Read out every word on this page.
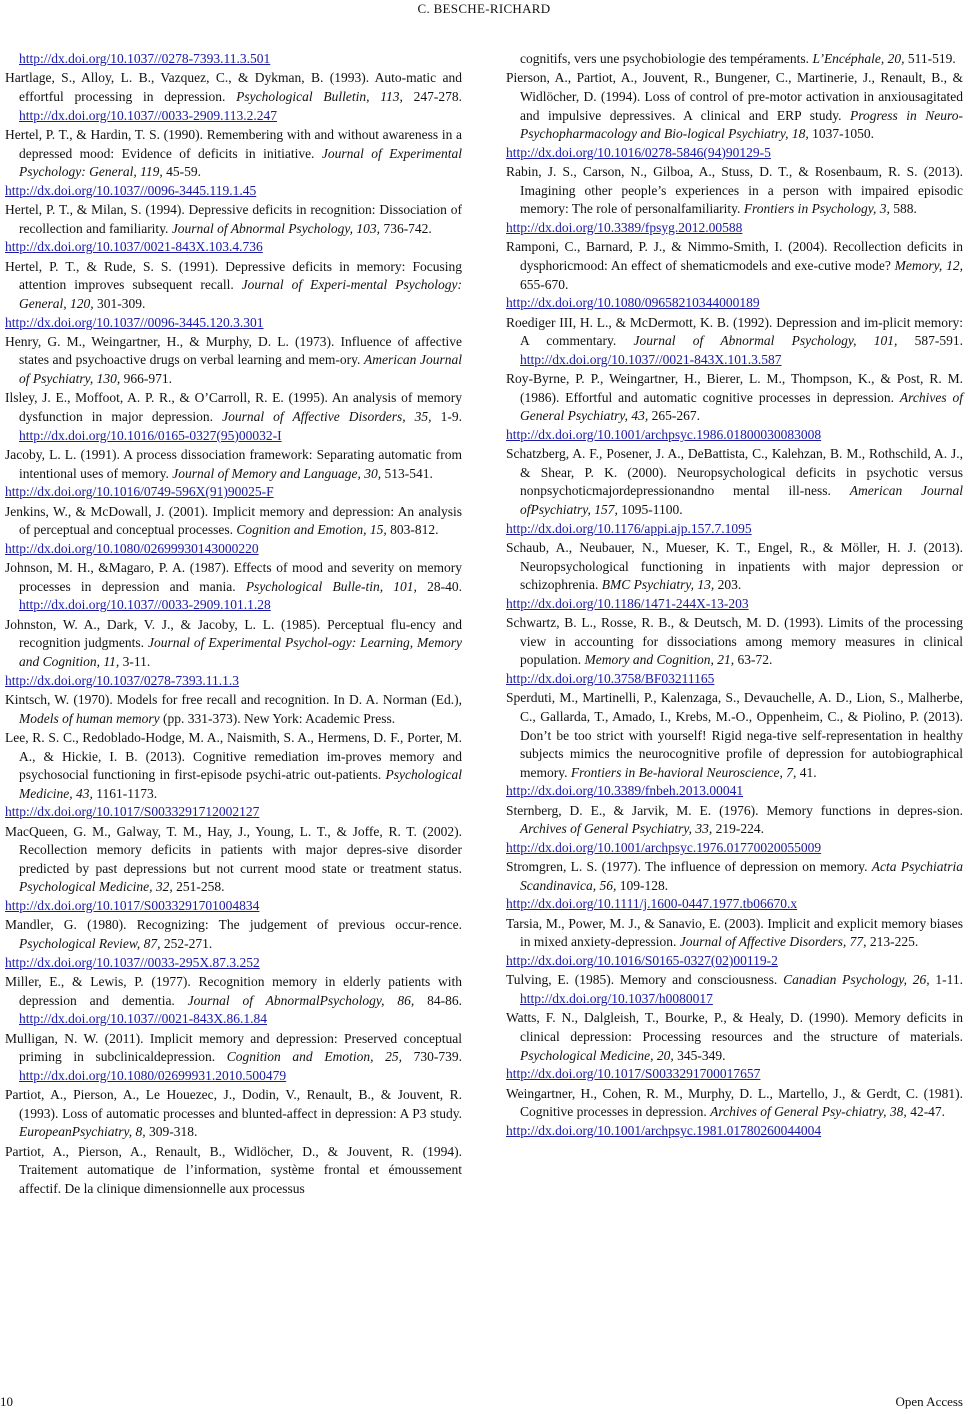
C. BESCHE-RICHARD

http://dx.doi.org/10.1037//0278-7393.11.3.501

Hartlage, S., Alloy, L. B., Vazquez, C., & Dykman, B. (1993). Auto-matic and effortful processing in depression. Psychological Bulletin, 113, 247-278. http://dx.doi.org/10.1037//0033-2909.113.2.247

Hertel, P. T., & Hardin, T. S. (1990). Remembering with and without awareness in a depressed mood: Evidence of deficits in initiative. Journal of Experimental Psychology: General, 119, 45-59.
http://dx.doi.org/10.1037//0096-3445.119.1.45

Hertel, P. T., & Milan, S. (1994). Depressive deficits in recognition: Dissociation of recollection and familiarity. Journal of Abnormal Psychology, 103, 736-742.
http://dx.doi.org/10.1037/0021-843X.103.4.736

Hertel, P. T., & Rude, S. S. (1991). Depressive deficits in memory: Focusing attention improves subsequent recall. Journal of Experi-mental Psychology: General, 120, 301-309.
http://dx.doi.org/10.1037//0096-3445.120.3.301

Henry, G. M., Weingartner, H., & Murphy, D. L. (1973). Influence of affective states and psychoactive drugs on verbal learning and mem-ory. American Journal of Psychiatry, 130, 966-971.

Ilsley, J. E., Moffoot, A. P. R., & O’Carroll, R. E. (1995). An analysis of memory dysfunction in major depression. Journal of Affective Disorders, 35, 1-9. http://dx.doi.org/10.1016/0165-0327(95)00032-I

Jacoby, L. L. (1991). A process dissociation framework: Separating automatic from intentional uses of memory. Journal of Memory and Language, 30, 513-541.
http://dx.doi.org/10.1016/0749-596X(91)90025-F

Jenkins, W., & McDowall, J. (2001). Implicit memory and depression: An analysis of perceptual and conceptual processes. Cognition and Emotion, 15, 803-812.
http://dx.doi.org/10.1080/02699930143000220

Johnson, M. H., &Magaro, P. A. (1987). Effects of mood and severity on memory processes in depression and mania. Psychological Bulle-tin, 101, 28-40. http://dx.doi.org/10.1037//0033-2909.101.1.28

Johnston, W. A., Dark, V. J., & Jacoby, L. L. (1985). Perceptual flu-ency and recognition judgments. Journal of Experimental Psychol-ogy: Learning, Memory and Cognition, 11, 3-11.
http://dx.doi.org/10.1037/0278-7393.11.1.3

Kintsch, W. (1970). Models for free recall and recognition. In D. A. Norman (Ed.), Models of human memory (pp. 331-373). New York: Academic Press.

Lee, R. S. C., Redoblado-Hodge, M. A., Naismith, S. A., Hermens, D. F., Porter, M. A., & Hickie, I. B. (2013). Cognitive remediation im-proves memory and psychosocial functioning in first-episode psychi-atric out-patients. Psychological Medicine, 43, 1161-1173.
http://dx.doi.org/10.1017/S0033291712002127

MacQueen, G. M., Galway, T. M., Hay, J., Young, L. T., & Joffe, R. T. (2002). Recollection memory deficits in patients with major depres-sive disorder predicted by past depressions but not current mood state or treatment status. Psychological Medicine, 32, 251-258.
http://dx.doi.org/10.1017/S0033291701004834

Mandler, G. (1980). Recognizing: The judgement of previous occur-rence. Psychological Review, 87, 252-271.
http://dx.doi.org/10.1037//0033-295X.87.3.252

Miller, E., & Lewis, P. (1977). Recognition memory in elderly patients with depression and dementia. Journal of AbnormalPsychology, 86, 84-86. http://dx.doi.org/10.1037//0021-843X.86.1.84

Mulligan, N. W. (2011). Implicit memory and depression: Preserved conceptual priming in subclinicaldepression. Cognition and Emotion, 25, 730-739. http://dx.doi.org/10.1080/02699931.2010.500479

Partiot, A., Pierson, A., Le Houezec, J., Dodin, V., Renault, B., & Jouvent, R. (1993). Loss of automatic processes and blunted-affect in depression: A P3 study. EuropeanPsychiatry, 8, 309-318.

Partiot, A., Pierson, A., Renault, B., Widlöcher, D., & Jouvent, R. (1994). Traitement automatique de l’information, système frontal et émoussement affectif. De la clinique dimensionnelle aux processus

cognitifs, vers une psychobiologie des tempéraments. L’Encéphale, 20, 511-519.

Pierson, A., Partiot, A., Jouvent, R., Bungener, C., Martinerie, J., Renault, B., & Widlöcher, D. (1994). Loss of control of pre-motor activation in anxiousagitated and impulsive depressives. A clinical and ERP study. Progress in Neuro-Psychopharmacology and Bio-logical Psychiatry, 18, 1037-1050.
http://dx.doi.org/10.1016/0278-5846(94)90129-5

Rabin, J. S., Carson, N., Gilboa, A., Stuss, D. T., & Rosenbaum, R. S. (2013). Imagining other people’s experiences in a person with impaired episodic memory: The role of personalfamiliarity. Frontiers in Psychology, 3, 588.
http://dx.doi.org/10.3389/fpsyg.2012.00588

Ramponi, C., Barnard, P. J., & Nimmo-Smith, I. (2004). Recollection deficits in dysphoricmood: An effect of shematicmodels and exe-cutive mode? Memory, 12, 655-670.
http://dx.doi.org/10.1080/09658210344000189

Roediger III, H. L., & McDermott, K. B. (1992). Depression and im-plicit memory: A commentary. Journal of Abnormal Psychology, 101, 587-591. http://dx.doi.org/10.1037//0021-843X.101.3.587

Roy-Byrne, P. P., Weingartner, H., Bierer, L. M., Thompson, K., & Post, R. M. (1986). Effortful and automatic cognitive processes in depression. Archives of General Psychiatry, 43, 265-267.
http://dx.doi.org/10.1001/archpsyc.1986.01800030083008

Schatzberg, A. F., Posener, J. A., DeBattista, C., Kalehzan, B. M., Rothschild, A. J., & Shear, P. K. (2000). Neuropsychological deficits in psychotic versus nonpsychoticmajordepressionandno mental ill-ness. American Journal ofPsychiatry, 157, 1095-1100.
http://dx.doi.org/10.1176/appi.ajp.157.7.1095

Schaub, A., Neubauer, N., Mueser, K. T., Engel, R., & Möller, H. J. (2013). Neuropsychological functioning in inpatients with major depression or schizophrenia. BMC Psychiatry, 13, 203.
http://dx.doi.org/10.1186/1471-244X-13-203

Schwartz, B. L., Rosse, R. B., & Deutsch, M. D. (1993). Limits of the processing view in accounting for dissociations among memory measures in clinical population. Memory and Cognition, 21, 63-72.
http://dx.doi.org/10.3758/BF03211165

Sperduti, M., Martinelli, P., Kalenzaga, S., Devauchelle, A. D., Lion, S., Malherbe, C., Gallarda, T., Amado, I., Krebs, M.-O., Oppenheim, C., & Piolino, P. (2013). Don’t be too strict with yourself! Rigid nega-tive self-representation in healthy subjects mimics the neurocognitive profile of depression for autobiographical memory. Frontiers in Be-havioral Neuroscience, 7, 41.
http://dx.doi.org/10.3389/fnbeh.2013.00041

Sternberg, D. E., & Jarvik, M. E. (1976). Memory functions in depres-sion. Archives of General Psychiatry, 33, 219-224.
http://dx.doi.org/10.1001/archpsyc.1976.01770020055009

Stromgren, L. S. (1977). The influence of depression on memory. Acta Psychiatria Scandinavica, 56, 109-128.
http://dx.doi.org/10.1111/j.1600-0447.1977.tb06670.x

Tarsia, M., Power, M. J., & Sanavio, E. (2003). Implicit and explicit memory biases in mixed anxiety-depression. Journal of Affective Disorders, 77, 213-225.
http://dx.doi.org/10.1016/S0165-0327(02)00119-2

Tulving, E. (1985). Memory and consciousness. Canadian Psychology, 26, 1-11. http://dx.doi.org/10.1037/h0080017

Watts, F. N., Dalgleish, T., Bourke, P., & Healy, D. (1990). Memory deficits in clinical depression: Processing resources and the structure of materials. Psychological Medicine, 20, 345-349.
http://dx.doi.org/10.1017/S0033291700017657

Weingartner, H., Cohen, R. M., Murphy, D. L., Martello, J., & Gerdt, C. (1981). Cognitive processes in depression. Archives of General Psy-chiatry, 38, 42-47.
http://dx.doi.org/10.1001/archpsyc.1981.01780260044004

10	Open Access
